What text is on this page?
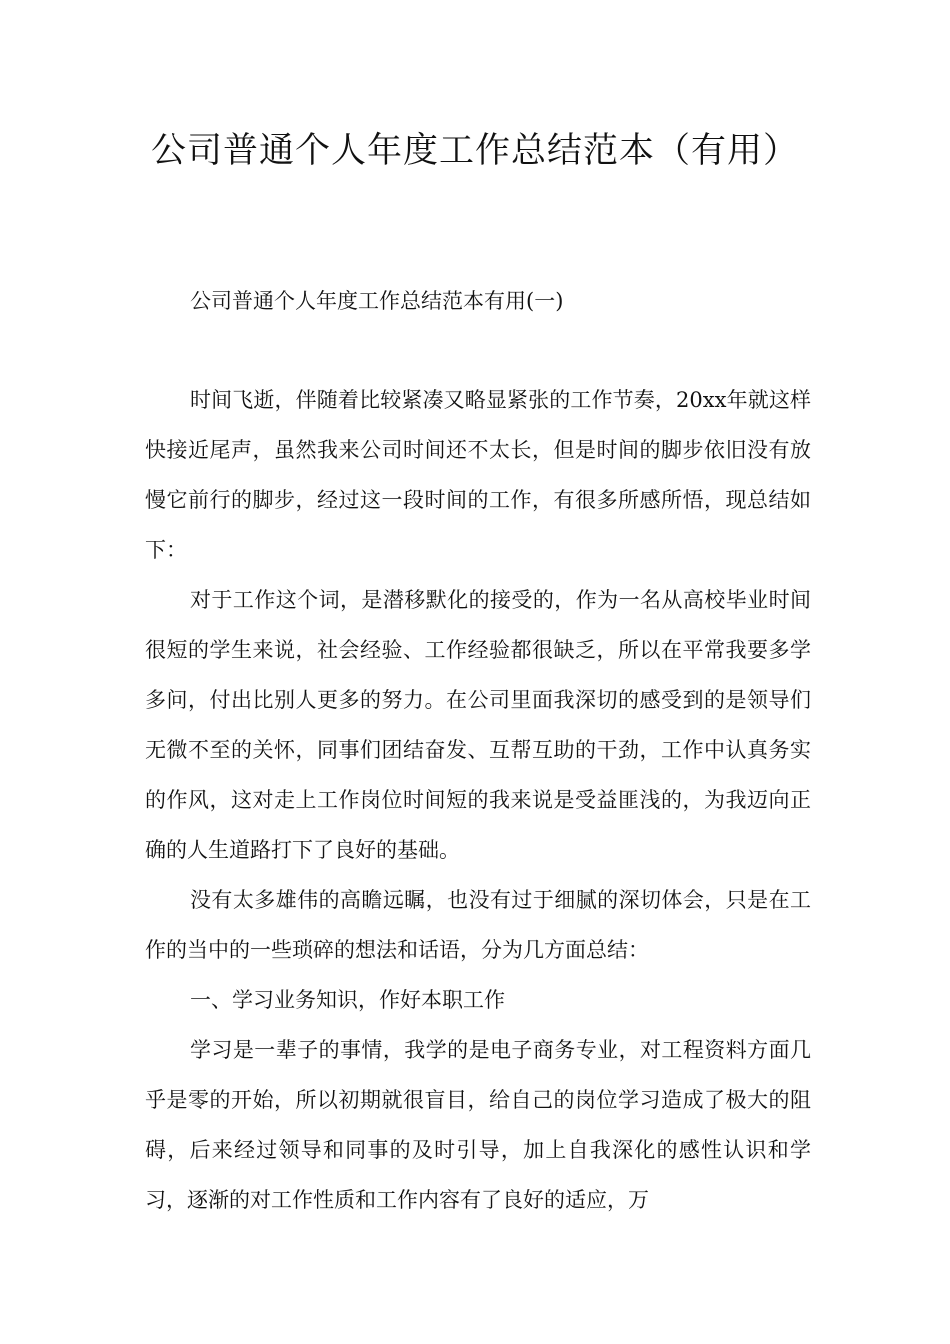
公司普通个人年度工作总结范本（有用）

公司普通个人年度工作总结范本有用(一)

时间飞逝，伴随着比较紧凑又略显紧张的工作节奏，20xx年就这样快接近尾声，虽然我来公司时间还不太长，但是时间的脚步依旧没有放慢它前行的脚步，经过这一段时间的工作，有很多所感所悟，现总结如下：

对于工作这个词，是潜移默化的接受的，作为一名从高校毕业时间很短的学生来说，社会经验、工作经验都很缺乏，所以在平常我要多学多问，付出比别人更多的努力。在公司里面我深切的感受到的是领导们无微不至的关怀，同事们团结奋发、互帮互助的干劲，工作中认真务实的作风，这对走上工作岗位时间短的我来说是受益匪浅的，为我迈向正确的人生道路打下了良好的基础。

没有太多雄伟的高瞻远瞩，也没有过于细腻的深切体会，只是在工作的当中的一些琐碎的想法和话语，分为几方面总结：

一、学习业务知识，作好本职工作

学习是一辈子的事情，我学的是电子商务专业，对工程资料方面几乎是零的开始，所以初期就很盲目，给自己的岗位学习造成了极大的阻碍，后来经过领导和同事的及时引导，加上自我深化的感性认识和学习，逐渐的对工作性质和工作内容有了良好的适应，万
